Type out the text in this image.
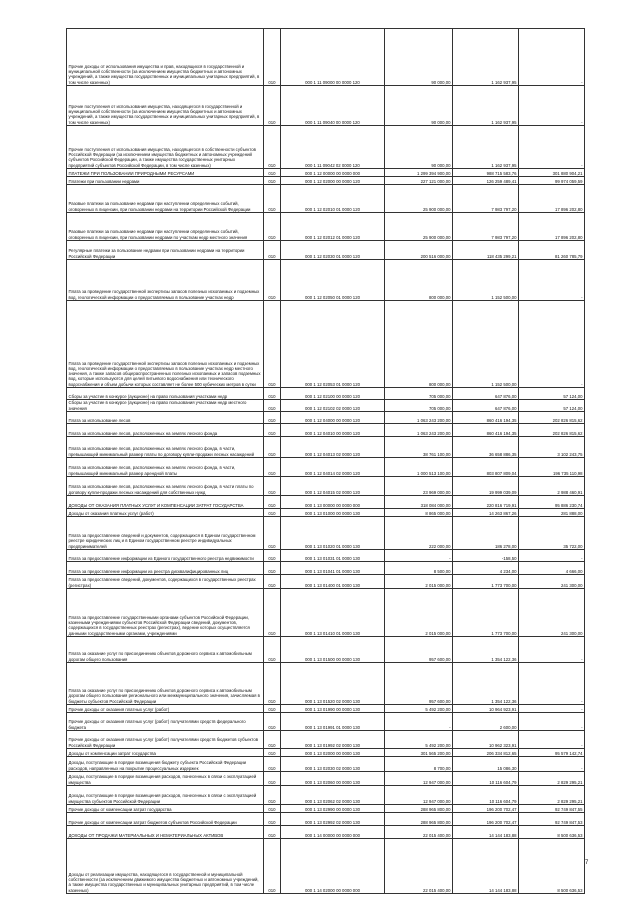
Прочие доходы от использования имущества и прав, находящихся в государственной и муниципальной собственности (за исключением имущества бюджетных и автономных учреждений, а также имущества государственных и муниципальных унитарных предприятий, в том числе казенных)	010	000 1 11 09000 00 0000 120	90 000,00	1 162 937,95	-
Прочие поступления от использования имущества, находящегося в государственной и муниципальной собственности (за исключением имущества бюджетных и автономных учреждений, а также имущества государственных и муниципальных унитарных предприятий, в том числе казенных)	010	000 1 11 09040 00 0000 120	90 000,00	1 162 937,95	-
Прочие поступления от использования имущества, находящегося в собственности субъектов Российской Федерации (за исключением имущества бюджетных и автономных учреждений субъектов Российской Федерации, а также имущества государственных унитарных предприятий субъектов Российской Федерации, в том числе казенных)	010	000 1 11 09042 02 0000 120	90 000,00	1 162 937,95	-
ПЛАТЕЖИ ПРИ ПОЛЬЗОВАНИИ ПРИРОДНЫМИ РЕСУРСАМИ	010	000 1 12 00000 00 0000 000	1 299 394 900,00	988 715 583,76	301 880 904,21
Платежи при пользовании недрами	010	000 1 12 02000 00 0000 120	227 121 000,00	126 259 489,41	99 974 059,59
Разовые платежи за пользование недрами при наступлении определенных событий, оговоренных в лицензии, при пользовании недрами на территории Российской Федерации	010	000 1 12 02010 01 0000 120	25 900 000,00	7 983 797,20	17 896 202,80
Разовые платежи за пользование недрами при наступлении определенных событий, оговоренных в лицензии, при пользовании недрами по участкам недр местного значения	010	000 1 12 02012 01 0000 120	25 900 000,00	7 983 797,20	17 896 202,80
Регулярные платежи за пользование недрами при пользовании недрами на территории Российской Федерации	010	000 1 12 02030 01 0000 120	200 516 000,00	118 435 299,21	81 260 785,79
Плата за проведение государственной экспертизы запасов полезных ископаемых и подземных вод, геологической информации о предоставляемых в пользование участках недр	010	000 1 12 02050 01 0000 120	800 000,00	1 152 500,00	-
Плата за проведение государственной экспертизы запасов полезных ископаемых и подземных вод, геологической информации о предоставляемых в пользование участках недр местного значения, а также запасов общераспространенных полезных ископаемых и запасов подземных вод, которые используются для целей питьевого водоснабжения или технического водоснабжения и объем добычи которых составляет не более 500 кубических метров в сутки	010	000 1 12 02053 01 0000 120	800 000,00	1 152 500,00	-
Сборы за участие в конкурсе (аукционе) на право пользования участками недр	010	000 1 12 02100 00 0000 120	705 000,00	647 876,00	57 124,00
Сборы за участие в конкурсе (аукционе) на право пользования участками недр местного значения	010	000 1 12 02102 02 0000 120	705 000,00	647 876,00	57 124,00
Плата за использование лесов	010	000 1 12 04000 00 0000 120	1 063 243 200,00	860 416 194,35	202 826 815,62
Плата за использование лесов, расположенных на землях лесного фонда	010	000 1 12 04010 00 0000 120	1 063 243 200,00	860 416 194,35	202 826 815,62
Плата за использование лесов, расположенных на землях лесного фонда, в части, превышающей минимальный размер платы по договору купли-продажи лесных насаждений	010	000 1 12 04013 02 0000 120	38 761 100,00	36 658 886,35	3 102 243,75
Плата за использование лесов, расположенных на землях лесного фонда, в части, превышающей минимальный размер арендной платы	010	000 1 12 04014 02 0000 120	1 000 513 100,00	803 807 809,04	196 735 110,98
Плата за использование лесов, расположенных на землях лесного фонда, в части платы по договору купли-продажи лесных насаждений для собственных нужд	010	000 1 12 04015 02 0000 120	23 969 000,00	19 999 039,09	2 988 460,91
ДОХОДЫ ОТ ОКАЗАНИЯ ПЛАТНЫХ УСЛУГ И КОМПЕНСАЦИИ ЗАТРАТ ГОСУДАРСТВА	010	000 1 13 00000 00 0000 000	318 084 000,00	220 816 719,91	95 886 230,74
Доходы от оказания платных услуг (работ)	010	000 1 13 01000 00 0000 130	8 865 000,00	14 263 867,26	281 888,00
Плата за предоставление сведений и документов, содержащихся в Едином государственном реестре юридических лиц и в Едином государственном реестре индивидуальных предпринимателей	010	000 1 13 01020 01 0000 130	222 000,00	186 278,00	35 722,00
Плата за предоставление информации из Единого государственного реестра недвижимости	010	000 1 13 01031 01 0000 130	-	-158,50	-
Плата за предоставление информации из реестра дисквалифицированных лиц	010	000 1 13 01041 01 0000 130	8 500,00	4 234,00	4 666,00
Плата за предоставление сведений, документов, содержащихся в государственных реестрах (регистрах)	010	000 1 13 01400 01 0000 130	2 015 000,00	1 773 700,00	241 300,00
Плата за предоставление государственными органами субъектов Российской Федерации, казенными учреждениями субъектов Российской Федерации сведений, документов, содержащихся в государственных реестрах (регистрах), ведение которых осуществляется данными государственными органами, учреждениями	010	000 1 13 01410 01 0000 130	2 015 000,00	1 773 700,00	241 300,00
Плата за оказание услуг по присоединению объектов дорожного сервиса к автомобильным дорогам общего пользования	010	000 1 13 01500 00 0000 130	957 600,00	1 354 122,36	-
Плата за оказание услуг по присоединению объектов дорожного сервиса к автомобильным дорогам общего пользования регионального или межмуниципального значения, зачисляемая в бюджеты субъектов Российской Федерации	010	000 1 13 01520 02 0000 130	957 600,00	1 354 122,36	-
Прочие доходы от оказания платных услуг (работ)	010	000 1 13 01990 00 0000 130	5 492 200,00	10 964 923,91	-
Прочие доходы от оказания платных услуг (работ) получателями средств федерального бюджета	010	000 1 13 01991 01 0000 130	-	2 600,00	-
Прочие доходы от оказания платных услуг (работ) получателями средств бюджетов субъектов Российской Федерации	010	000 1 13 01992 02 0000 130	5 492 200,00	10 962 323,91	-
Доходы от компенсации затрат государства	010	000 1 13 02000 00 0000 130	301 565 200,00	206 334 812,65	95 579 142,74
Доходы, поступающие в порядке возмещения бюджету субъекта Российской Федерации расходов, направленных на покрытие процессуальных издержек	010	000 1 13 02030 02 0000 130	8 700,00	15 086,30	-
Доходы, поступающие в порядке возмещения расходов, понесенных в связи с эксплуатацией имущества	010	000 1 13 02060 00 0000 130	12 947 000,00	10 116 604,79	2 829 295,21
Доходы, поступающие в порядке возмещения расходов, понесенных в связи с эксплуатацией имущества субъектов Российской Федерации	010	000 1 13 02062 02 0000 130	12 947 000,00	10 116 604,79	2 829 295,21
Прочие доходы от компенсации затрат государства	010	000 1 13 02990 00 0000 130	288 965 800,00	196 200 702,47	92 749 847,55
Прочие доходы от компенсации затрат бюджетов субъектов Российской Федерации	010	000 1 13 02992 02 0000 130	288 965 800,00	196 200 702,47	92 749 847,53
ДОХОДЫ ОТ ПРОДАЖИ МАТЕРИАЛЬНЫХ И НЕМАТЕРИАЛЬНЫХ АКТИВОВ	010	000 1 14 00000 00 0000 000	22 015 400,00	14 144 183,88	8 500 636,53
Доходы от реализации имущества, находящегося в государственной и муниципальной собственности (за исключением движимого имущества бюджетных и автономных учреждений, а также имущества государственных и муниципальных унитарных предприятий, в том числе казенных)	010	000 1 14 02000 00 0000 000	22 015 400,00	14 144 183,88	8 500 636,53
7
